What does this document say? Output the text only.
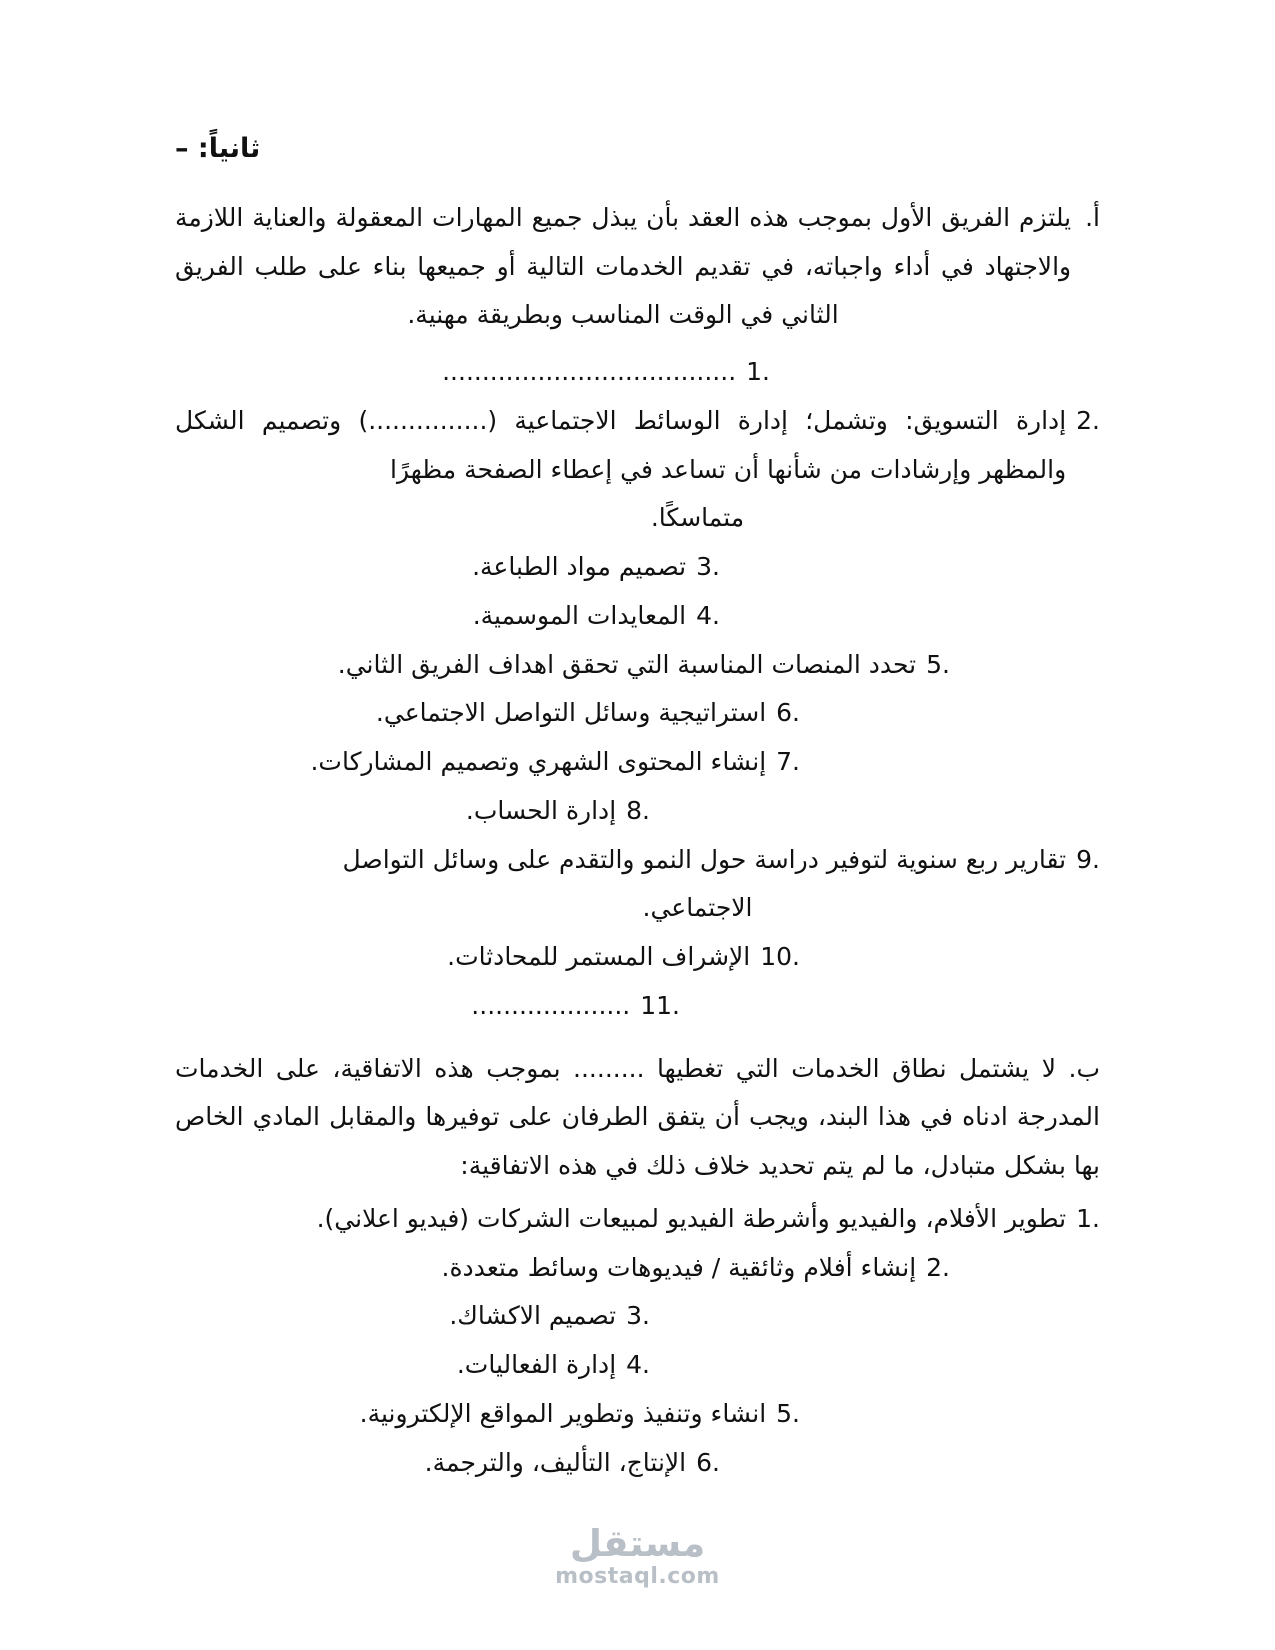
ثانياً: –
أ.
يلتزم الفريق الأول بموجب هذه العقد بأن يبذل جميع المهارات المعقولة والعناية اللازمة والاجتهاد في أداء واجباته، في تقديم الخدمات التالية أو جميعها بناء على طلب الفريق الثاني في الوقت المناسب وبطريقة مهنية.
1.
.....................................
2.
إدارة التسويق: وتشمل؛ إدارة الوسائط الاجتماعية (...............) وتصميم الشكل والمظهر وإرشادات من شأنها أن تساعد في إعطاء الصفحة مظهرًا
متماسكًا.
3.
تصميم مواد الطباعة.
4.
المعايدات الموسمية.
5.
تحدد المنصات المناسبة التي تحقق اهداف الفريق الثاني.
6.
استراتيجية وسائل التواصل الاجتماعي.
7.
إنشاء المحتوى الشهري وتصميم المشاركات.
8.
إدارة الحساب.
9.
تقارير ربع سنوية لتوفير دراسة حول النمو والتقدم على وسائل التواصل
الاجتماعي.
10.
الإشراف المستمر للمحادثات.
11.
....................
ب. لا يشتمل نطاق الخدمات التي تغطيها ......... بموجب هذه الاتفاقية، على الخدمات المدرجة ادناه في هذا البند، ويجب أن يتفق الطرفان على توفيرها والمقابل المادي الخاص بها بشكل متبادل، ما لم يتم تحديد خلاف ذلك في هذه الاتفاقية:
1.
تطوير الأفلام، والفيديو وأشرطة الفيديو لمبيعات الشركات (فيديو اعلاني).
2.
إنشاء أفلام وثائقية / فيديوهات وسائط متعددة.
3.
تصميم الاكشاك.
4.
إدارة الفعاليات.
5.
انشاء وتنفيذ وتطوير المواقع الإلكترونية.
6.
الإنتاج، التأليف، والترجمة.
مستقل
mostaql.com
